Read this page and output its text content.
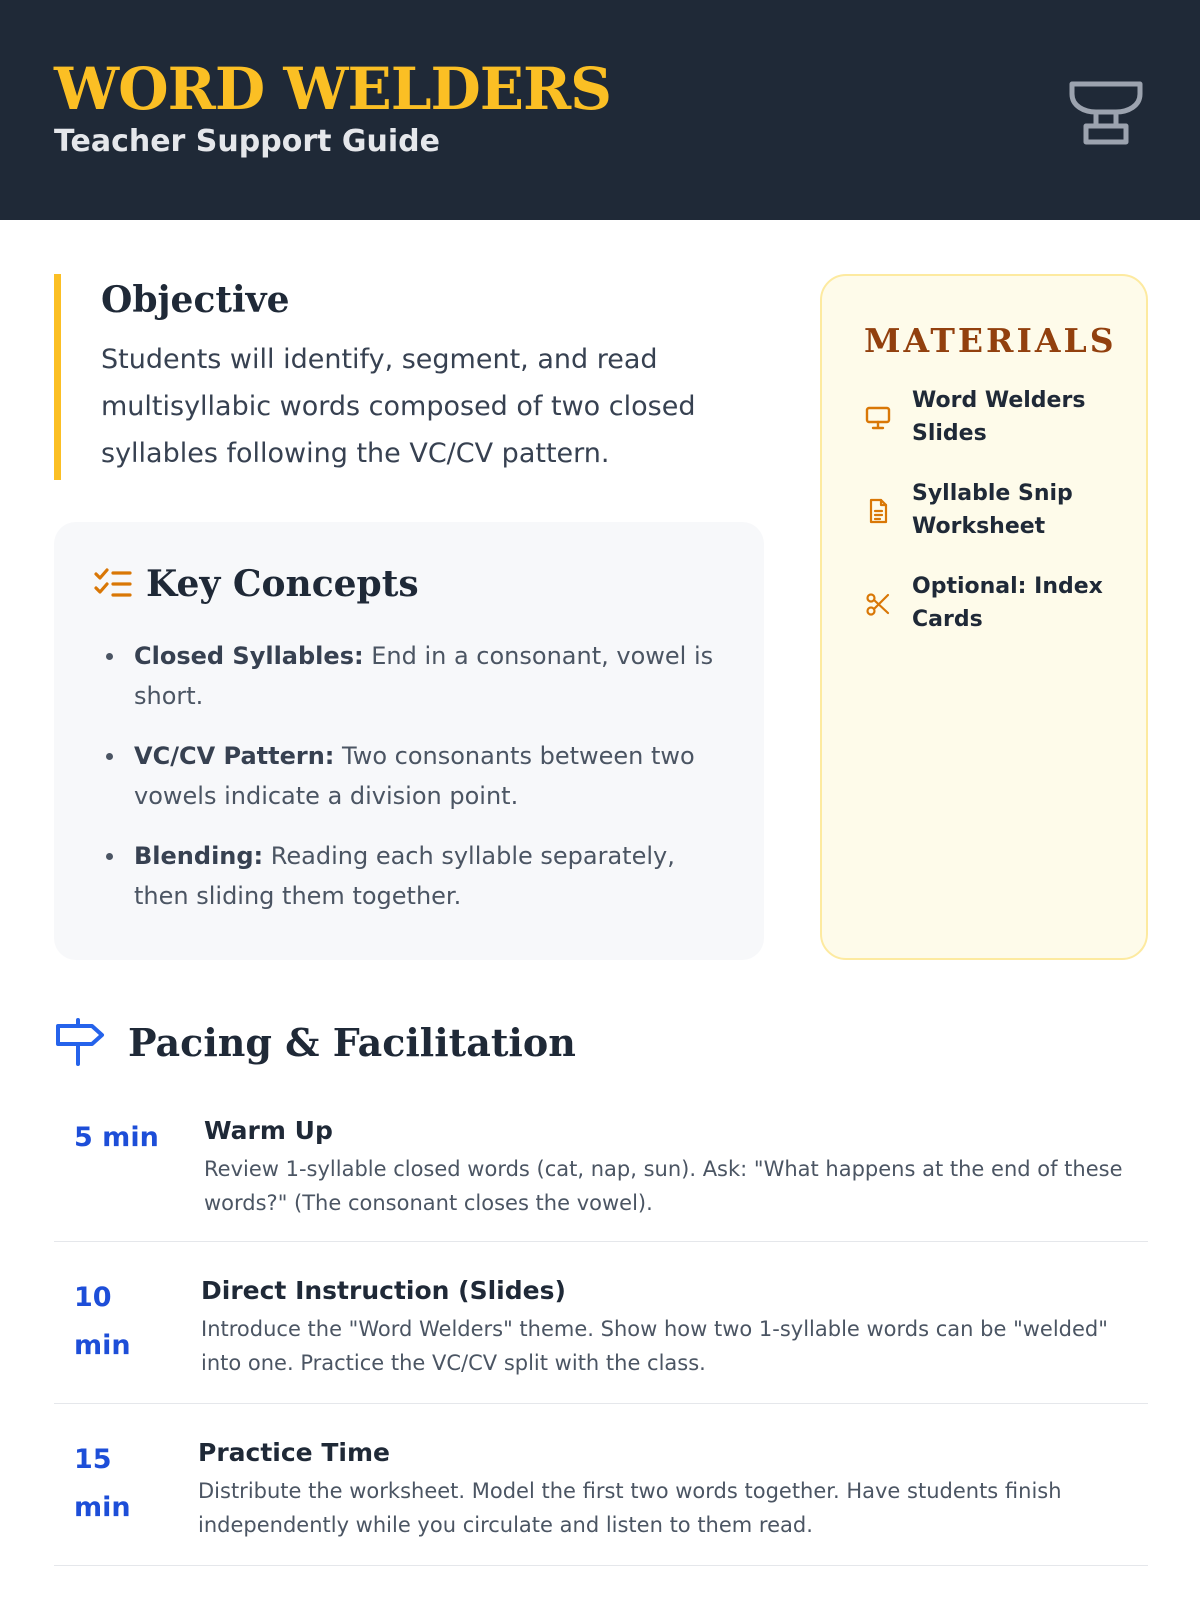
WORD WELDERS
Teacher Support Guide
Objective

Students will identify, segment, and read multisyllabic words composed of two closed syllables following the VC/CV pattern.

Key Concepts
Closed Syllables: End in a consonant, vowel is short.
VC/CV Pattern: Two consonants between two vowels indicate a division point.
Blending: Reading each syllable separately, then sliding them together.
MATERIALS
Word Welders Slides
Syllable Snip Worksheet
Optional: Index Cards
Pacing & Facilitation
5 min	Warm Up
Review 1-syllable closed words (cat, nap, sun). Ask: "What happens at the end of these words?" (The consonant closes the vowel).
10 min
Direct Instruction (Slides)
Introduce the "Word Welders" theme. Show how two 1-syllable words can be "welded" into one. Practice the VC/CV split with the class.
15 min
Practice Time
Distribute the worksheet. Model the first two words together. Have students finish independently while you circulate and listen to them read.
